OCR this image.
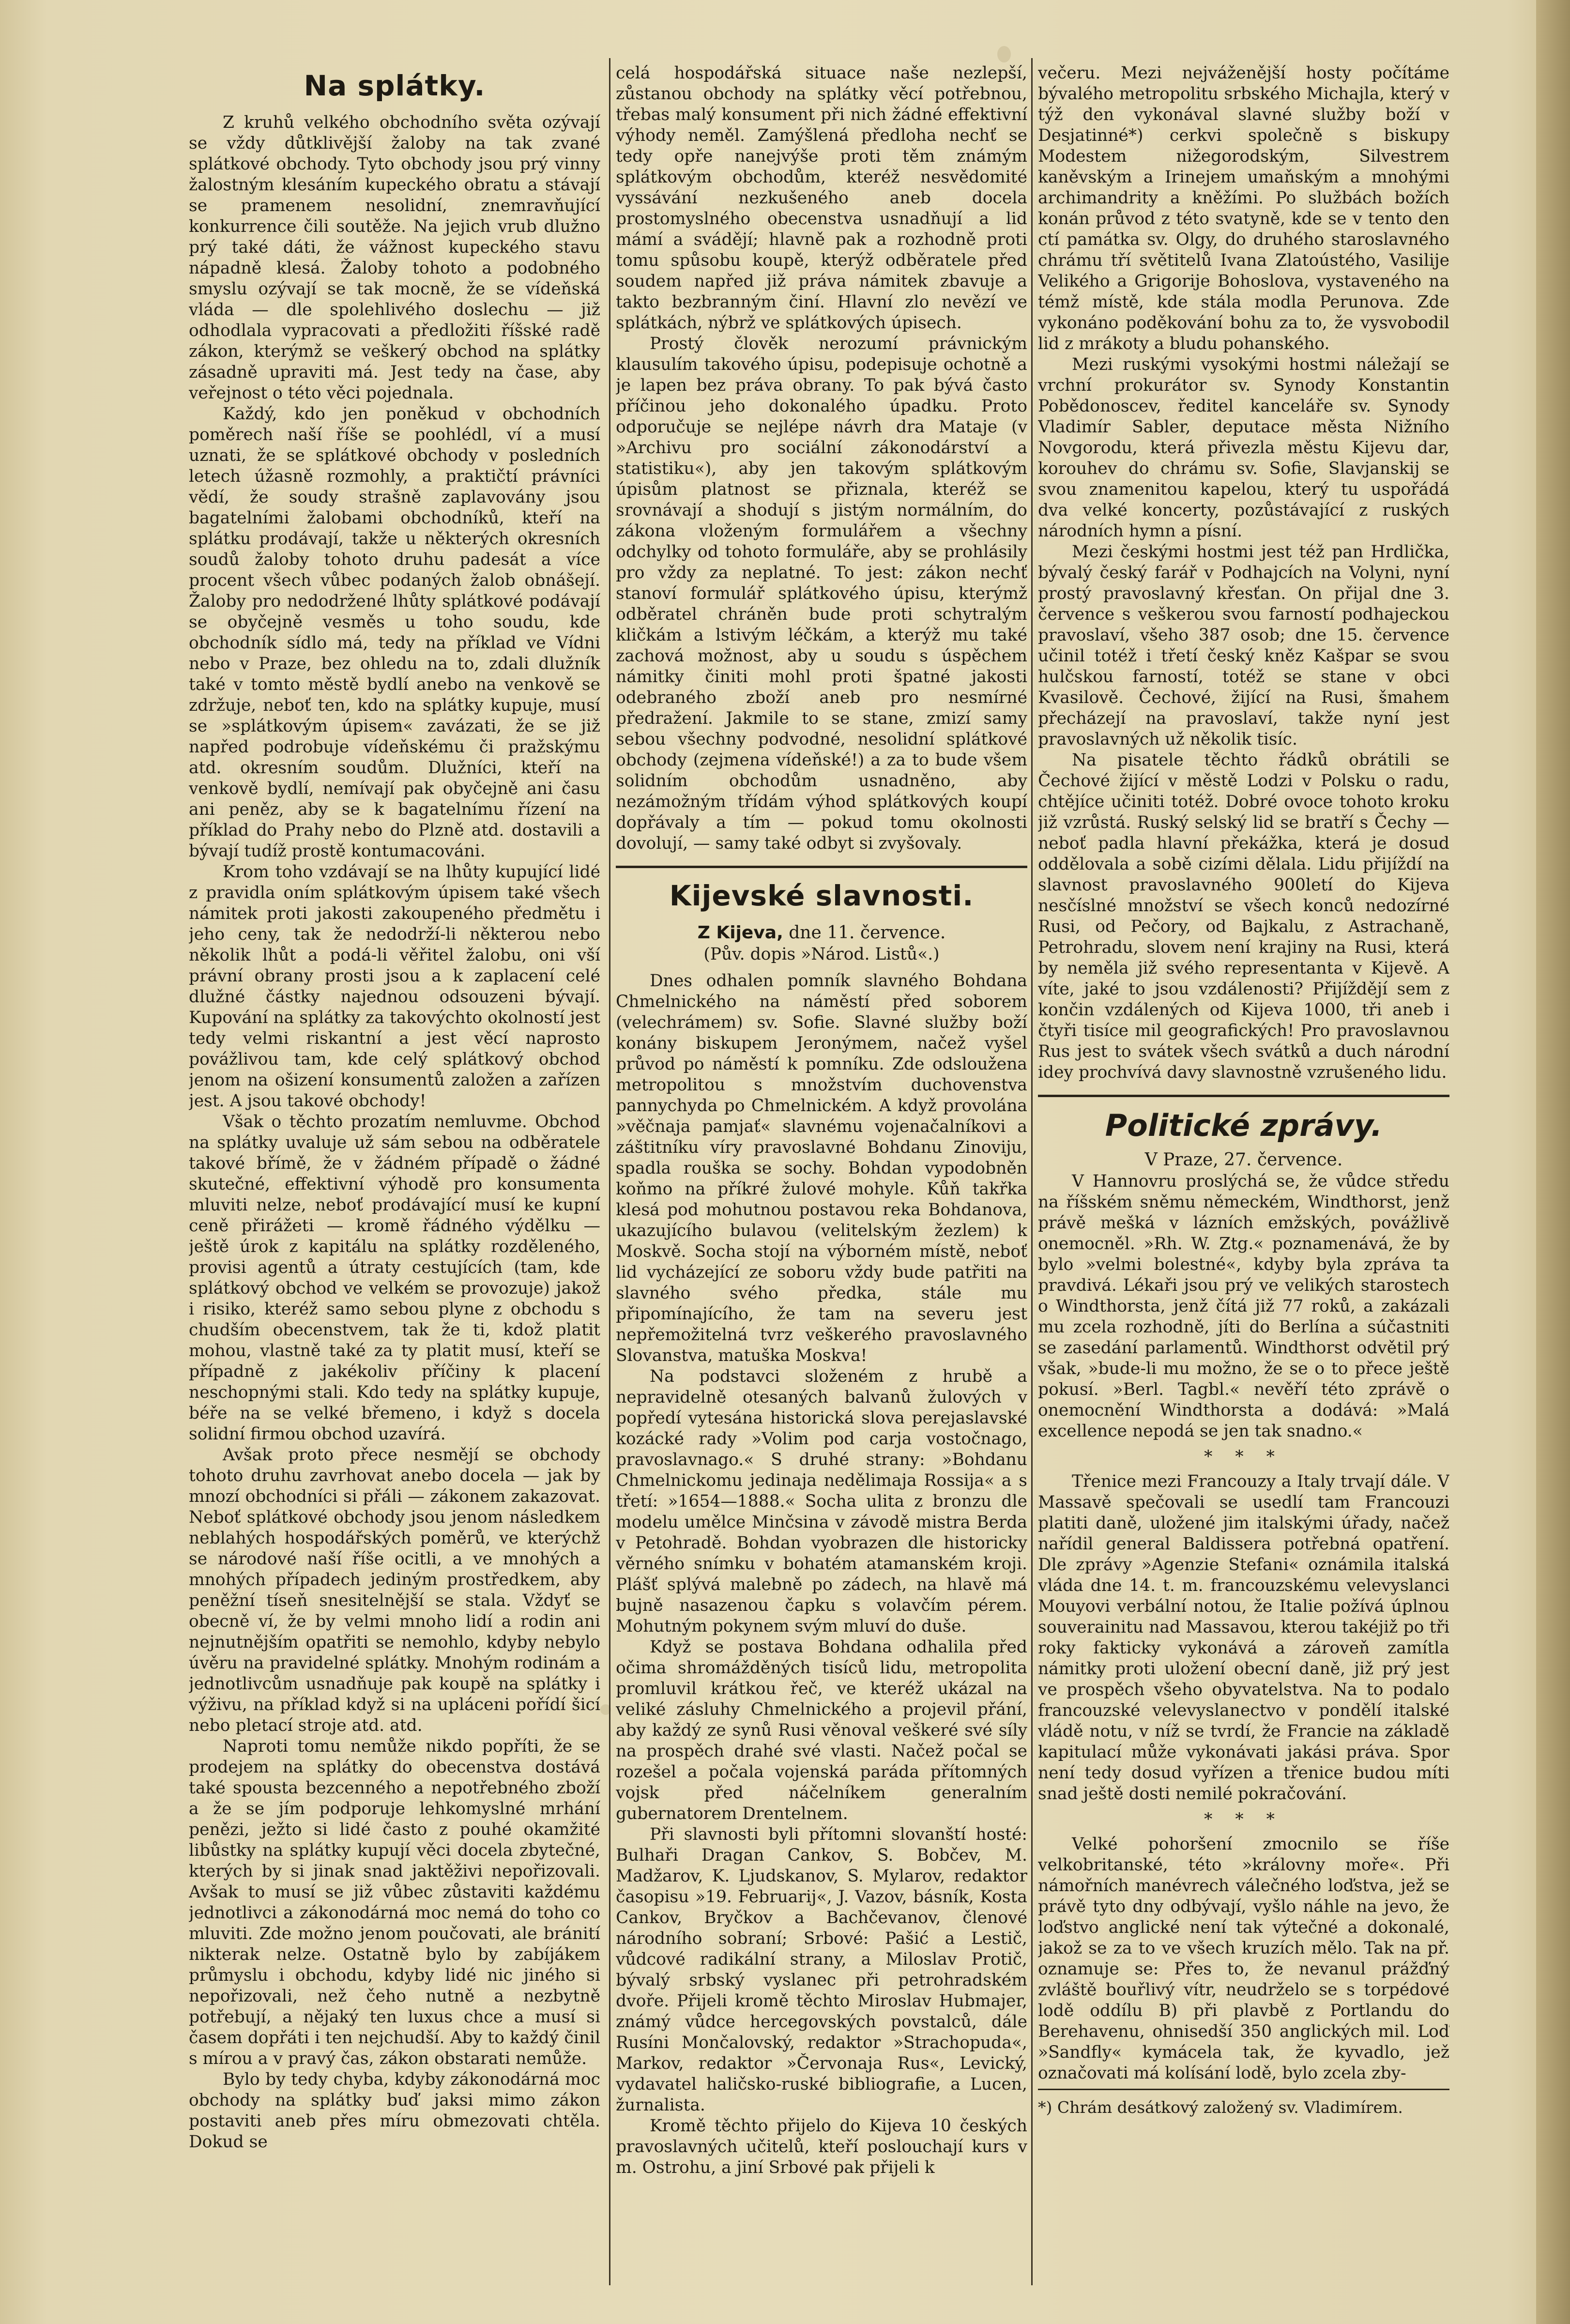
Na splátky.

Z kruhů velkého obchodního světa ozývají se vždy důtklivější žaloby na tak zvané splátkové obchody. Tyto obchody jsou prý vinny žalostným klesáním kupeckého obratu a stávají se pramenem nesolidní, znemravňující konkurrence čili soutěže. Na jejich vrub dlužno prý také dáti, že vážnost kupeckého stavu nápadně klesá. Žaloby tohoto a podobného smyslu ozývají se tak mocně, že se vídeňská vláda — dle spolehlivého doslechu — již odhodlala vypracovati a předložiti říšské radě zákon, kterýmž se veškerý obchod na splátky zásadně upraviti má. Jest tedy na čase, aby veřejnost o této věci pojednala.

Každý, kdo jen poněkud v obchodních poměrech naší říše se poohlédl, ví a musí uznati, že se splátkové obchody v posledních letech úžasně rozmohly, a praktičtí právníci vědí, že soudy strašně zaplavovány jsou bagatelními žalobami obchodníků, kteří na splátku prodávají, takže u některých okresních soudů žaloby tohoto druhu padesát a více procent všech vůbec podaných žalob obnášejí. Žaloby pro nedodržené lhůty splátkové podávají se obyčejně vesměs u toho soudu, kde obchodník sídlo má, tedy na příklad ve Vídni nebo v Praze, bez ohledu na to, zdali dlužník také v tomto městě bydlí anebo na venkově se zdržuje, neboť ten, kdo na splátky kupuje, musí se »splátkovým úpisem« zavázati, že se již napřed podrobuje vídeňskému či pražskýmu atd. okresním soudům. Dlužníci, kteří na venkově bydlí, nemívají pak obyčejně ani času ani peněz, aby se k bagatelnímu řízení na příklad do Prahy nebo do Plzně atd. dostavili a bývají tudíž prostě kontumacováni.

Krom toho vzdávají se na lhůty kupující lidé z pravidla oním splátkovým úpisem také všech námitek proti jakosti zakoupeného předmětu i jeho ceny, tak že nedodrží-li některou nebo několik lhůt a podá-li věřitel žalobu, oni vší právní obrany prosti jsou a k zaplacení celé dlužné částky najednou odsouzeni bývají. Kupování na splátky za takovýchto okolností jest tedy velmi riskantní a jest věcí naprosto povážlivou tam, kde celý splátkový obchod jenom na ošizení konsumentů založen a zařízen jest. A jsou takové obchody!

Však o těchto prozatím nemluvme. Obchod na splátky uvaluje už sám sebou na odběratele takové břímě, že v žádném případě o žádné skutečné, effektivní výhodě pro konsumenta mluviti nelze, neboť prodávající musí ke kupní ceně přirážeti — kromě řádného výdělku — ještě úrok z kapitálu na splátky rozděleného, provisi agentů a útraty cestujících (tam, kde splátkový obchod ve velkém se provozuje) jakož i risiko, kteréž samo sebou plyne z obchodu s chudším obecenstvem, tak že ti, kdož platit mohou, vlastně také za ty platit musí, kteří se případně z jakékoliv příčiny k placení neschopnými stali. Kdo tedy na splátky kupuje, béře na se velké břemeno, i když s docela solidní firmou obchod uzavírá.

Avšak proto přece nesmějí se obchody tohoto druhu zavrhovat anebo docela — jak by mnozí obchodníci si přáli — zákonem zakazovat. Neboť splátkové obchody jsou jenom následkem neblahých hospodářských poměrů, ve kterýchž se národové naší říše ocitli, a ve mnohých a mnohých případech jediným prostředkem, aby peněžní tíseň snesitelnější se stala. Vždyť se obecně ví, že by velmi mnoho lidí a rodin ani nejnutnějším opatřiti se nemohlo, kdyby nebylo úvěru na pravidelné splátky. Mnohým rodinám a jednotlivcům usnadňuje pak koupě na splátky i výživu, na příklad když si na upláceni pořídí šicí nebo pletací stroje atd. atd.

Naproti tomu nemůže nikdo popříti, že se prodejem na splátky do obecenstva dostává také spousta bezcenného a nepotřebného zboží a že se jím podporuje lehkomyslné mrhání penězi, ježto si lidé často z pouhé okamžité libůstky na splátky kupují věci docela zbytečné, kterých by si jinak snad jaktěživi nepořizovali. Avšak to musí se již vůbec zůstaviti každému jednotlivci a zákonodárná moc nemá do toho co mluviti. Zde možno jenom poučovati, ale bránití nikterak nelze. Ostatně bylo by zabíjákem průmyslu i obchodu, kdyby lidé nic jiného si nepořizovali, než čeho nutně a nezbytně potřebují, a nějaký ten luxus chce a musí si časem dopřáti i ten nejchudší. Aby to každý činil s mírou a v pravý čas, zákon obstarati nemůže.

Bylo by tedy chyba, kdyby zákonodárná moc obchody na splátky buď jaksi mimo zákon postaviti aneb přes míru obmezovati chtěla. Dokud se

celá hospodářská situace naše nezlepší, zůstanou obchody na splátky věcí potřebnou, třebas malý konsument při nich žádné effektivní výhody neměl. Zamýšlená předloha nechť se tedy opře nanejvýše proti těm známým splátkovým obchodům, kteréž nesvědomité vyssávání nezkušeného aneb docela prostomyslného obecenstva usnadňují a lid mámí a svádějí; hlavně pak a rozhodně proti tomu spůsobu koupě, kterýž odběratele před soudem napřed již práva námitek zbavuje a takto bezbranným činí. Hlavní zlo nevězí ve splátkách, nýbrž ve splátkových úpisech.

Prostý člověk nerozumí právnickým klausulím takového úpisu, podepisuje ochotně a je lapen bez práva obrany. To pak bývá často příčinou jeho dokonalého úpadku. Proto odporučuje se nejlépe návrh dra Mataje (v »Archivu pro sociální zákonodárství a statistiku«), aby jen takovým splátkovým úpisům platnost se přiznala, kteréž se srovnávají a shodují s jistým normálním, do zákona vloženým formulářem a všechny odchylky od tohoto formuláře, aby se prohlásily pro vždy za neplatné. To jest: zákon nechť stanoví formulář splátkového úpisu, kterýmž odběratel chráněn bude proti schytralým kličkám a lstivým léčkám, a kterýž mu také zachová možnost, aby u soudu s úspěchem námitky činiti mohl proti špatné jakosti odebraného zboží aneb pro nesmírné předražení. Jakmile to se stane, zmizí samy sebou všechny podvodné, nesolidní splátkové obchody (zejmena vídeňské!) a za to bude všem solidním obchodům usnadněno, aby nezámožným třídám výhod splátkových koupí dopřávaly a tím — pokud tomu okolnosti dovolují, — samy také odbyt si zvyšovaly.

Kijevské slavnosti.
Z Kijeva, dne 11. července.
(Pův. dopis »Národ. Listů«.)

Dnes odhalen pomník slavného Bohdana Chmelnického na náměstí před soborem (velechrámem) sv. Sofie. Slavné služby boží konány biskupem Jeronýmem, načež vyšel průvod po náměstí k pomníku. Zde odsloužena metropolitou s množstvím duchovenstva pannychyda po Chmelnickém. A když provolána »věčnaja pamjať« slavnému vojenačalníkovi a záštitníku víry pravoslavné Bohdanu Zinoviju, spadla rouška se sochy. Bohdan vypodobněn koňmo na příkré žulové mohyle. Kůň takřka klesá pod mohutnou postavou reka Bohdanova, ukazujícího bulavou (velitelským žezlem) k Moskvě. Socha stojí na výborném místě, neboť lid vycházející ze soboru vždy bude patřiti na slavného svého předka, stále mu připomínajícího, že tam na severu jest nepřemožitelná tvrz veškerého pravoslavného Slovanstva, matuška Moskva!

Na podstavci složeném z hrubě a nepravidelně otesaných balvanů žulových v popředí vytesána historická slova perejaslavské kozácké rady »Volim pod carja vostočnago, pravoslavnago.« S druhé strany: »Bohdanu Chmelnickomu jedinaja nedělimaja Rossija« a s třetí: »1654—1888.« Socha ulita z bronzu dle modelu umělce Minčsina v závodě mistra Berda v Petohradě. Bohdan vyobrazen dle historicky věrného snímku v bohatém atamanském kroji. Plášť splývá malebně po zádech, na hlavě má bujně nasazenou čapku s volavčím pérem. Mohutným pokynem svým mluví do duše.

Když se postava Bohdana odhalila před očima shromážděných tisíců lidu, metropolita promluvil krátkou řeč, ve kteréž ukázal na veliké zásluhy Chmelnického a projevil přání, aby každý ze synů Rusi věnoval veškeré své síly na prospěch drahé své vlasti. Načež počal se rozešel a počala vojenská paráda přítomných vojsk před náčelníkem generalním gubernatorem Drentelnem.

Při slavnosti byli přítomni slovanští hosté: Bulhaři Dragan Cankov, S. Bobčev, M. Madžarov, K. Ljudskanov, S. Mylarov, redaktor časopisu »19. Februarij«, J. Vazov, básník, Kosta Cankov, Bryčkov a Bachčevanov, členové národního sobraní; Srbové: Pašić a Lestič, vůdcové radikální strany, a Miloslav Protič, bývalý srbský vyslanec při petrohradském dvoře. Přijeli kromě těchto Miroslav Hubmajer, známý vůdce hercegovských povstalců, dále Rusíni Mončalovský, redaktor »Strachopuda«, Markov, redaktor »Červonaja Rus«, Levický, vydavatel haličsko-ruské bibliografie, a Lucen, žurnalista.

Kromě těchto přijelo do Kijeva 10 českých pravoslavných učitelů, kteří poslouchají kurs v m. Ostrohu, a jiní Srbové pak přijeli k

večeru. Mezi nejváženější hosty počítáme bývalého metropolitu srbského Michajla, který v týž den vykonával slavné služby boží v Desjatinné*) cerkvi společně s biskupy Modestem nižegorodským, Silvestrem kaněvským a Irinejem umaňským a mnohými archimandrity a kněžími. Po službách božích konán průvod z této svatyně, kde se v tento den ctí památka sv. Olgy, do druhého staroslavného chrámu tří světitelů Ivana Zlatoústého, Vasilije Velikého a Grigorije Bohoslova, vystaveného na témž místě, kde stála modla Perunova. Zde vykonáno poděkování bohu za to, že vysvobodil lid z mrákoty a bludu pohanského.

Mezi ruskými vysokými hostmi náležají se vrchní prokurátor sv. Synody Konstantin Pobědonoscev, ředitel kanceláře sv. Synody Vladimír Sabler, deputace města Nižního Novgorodu, která přivezla městu Kijevu dar, korouhev do chrámu sv. Sofie, Slavjanskij se svou znamenitou kapelou, který tu uspořádá dva velké koncerty, pozůstávající z ruských národních hymn a písní.

Mezi českými hostmi jest též pan Hrdlička, bývalý český farář v Podhajcích na Volyni, nyní prostý pravoslavný křesťan. On přijal dne 3. července s veškerou svou farností podhajeckou pravoslaví, všeho 387 osob; dne 15. července učinil totéž i třetí český kněz Kašpar se svou hulčskou farností, totéž se stane v obci Kvasilově. Čechové, žijící na Rusi, šmahem přecházejí na pravoslaví, takže nyní jest pravoslavných už několik tisíc.

Na pisatele těchto řádků obrátili se Čechové žijící v městě Lodzi v Polsku o radu, chtějíce učiniti totéž. Dobré ovoce tohoto kroku již vzrůstá. Ruský selský lid se bratří s Čechy — neboť padla hlavní překážka, která je dosud oddělovala a sobě cizími dělala. Lidu přijíždí na slavnost pravoslavného 900letí do Kijeva nesčíslné množství se všech konců nedozírné Rusi, od Pečory, od Bajkalu, z Astrachaně, Petrohradu, slovem není krajiny na Rusi, která by neměla již svého representanta v Kijevě. A víte, jaké to jsou vzdálenosti? Přijíždějí sem z končin vzdálených od Kijeva 1000, tři aneb i čtyři tisíce mil geografických! Pro pravoslavnou Rus jest to svátek všech svátků a duch národní idey prochvívá davy slavnostně vzrušeného lidu.

Politické zprávy.
V Praze, 27. července.

V Hannovru proslýchá se, že vůdce středu na říšském sněmu německém, Windthorst, jenž právě mešká v lázních emžských, povážlivě onemocněl. »Rh. W. Ztg.« poznamenává, že by bylo »velmi bolestné«, kdyby byla zpráva ta pravdivá. Lékaři jsou prý ve velikých starostech o Windthorsta, jenž čítá již 77 roků, a zakázali mu zcela rozhodně, jíti do Berlína a súčastniti se zasedání parlamentů. Windthorst odvětil prý však, »bude-li mu možno, že se o to přece ještě pokusí. »Berl. Tagbl.« nevěří této zprávě o onemocnění Windthorsta a dodává: »Malá excellence nepodá se jen tak snadno.«

* * *

Třenice mezi Francouzy a Italy trvají dále. V Massavě spečovali se usedlí tam Francouzi platiti daně, uložené jim italskými úřady, načež nařídil general Baldissera potřebná opatření. Dle zprávy »Agenzie Stefani« oznámila italská vláda dne 14. t. m. francouzskému velevyslanci Mouyovi verbální notou, že Italie požívá úplnou souverainitu nad Massavou, kterou takéjiž po tři roky fakticky vykonává a zároveň zamítla námitky proti uložení obecní daně, již prý jest ve prospěch všeho obyvatelstva. Na to podalo francouzské velevyslanectvo v pondělí italské vládě notu, v níž se tvrdí, že Francie na základě kapitulací může vykonávati jakási práva. Spor není tedy dosud vyřízen a třenice budou míti snad ještě dosti nemilé pokračování.

* * *

Velké pohoršení zmocnilo se říše velkobritanské, této »královny moře«. Při námořních manévrech válečného loďstva, jež se právě tyto dny odbývají, vyšlo náhle na jevo, že loďstvo anglické není tak výtečné a dokonalé, jakož se za to ve všech kruzích mělo. Tak na př. oznamuje se: Přes to, že nevanul prážďný zvláště bouřlivý vítr, neudrželo se s torpédové lodě oddílu B) při plavbě z Portlandu do Berehavenu, ohnisedší 350 anglických mil. Loď »Sandfly« kymácela tak, že kyvadlo, jež označovati má kolísání lodě, bylo zcela zby-

*) Chrám desátkový založený sv. Vladimírem.
